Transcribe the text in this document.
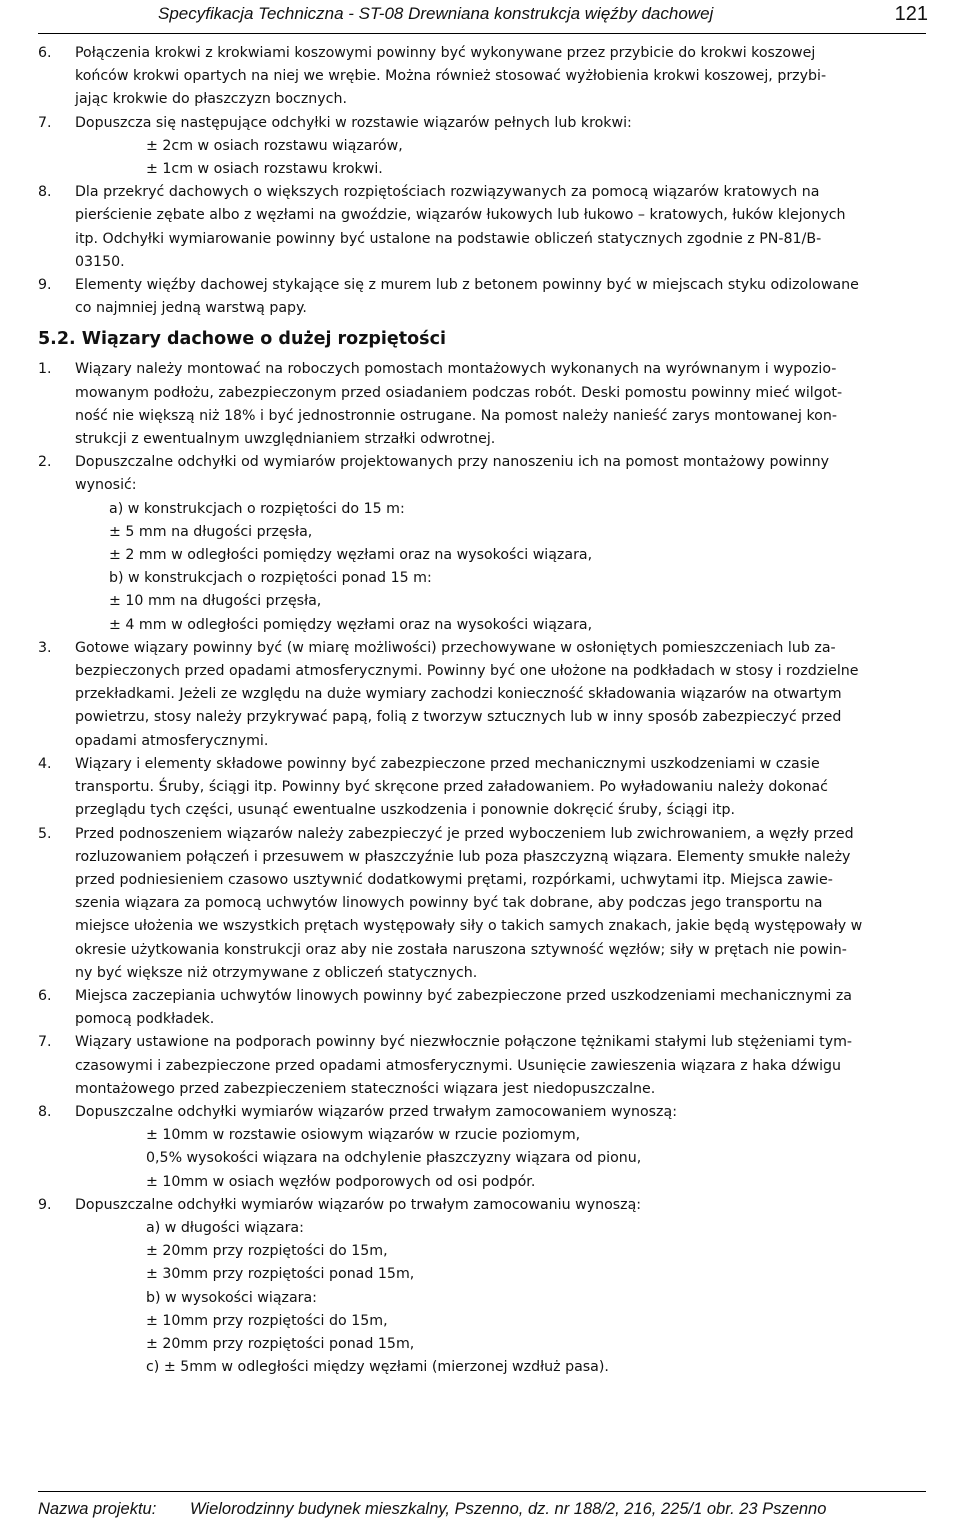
Specyfikacja Techniczna - ST-08 Drewniana konstrukcja więźby dachowej	121
6. Połączenia krokwi z krokwiami koszowymi powinny być wykonywane przez przybicie do krokwi koszowej
końców krokwi opartych na niej we wrębie. Można również stosować wyżłobienia krokwi koszowej, przybi-
jając krokwie do płaszczyzn bocznych.
7. Dopuszcza się następujące odchyłki w rozstawie wiązarów pełnych lub krokwi:
± 2cm w osiach rozstawu wiązarów,
± 1cm w osiach rozstawu krokwi.
8. Dla przekryć dachowych o większych rozpiętościach rozwiązywanych za pomocą wiązarów kratowych na
pierścienie zębate albo z węzłami na gwoździe, wiązarów łukowych lub łukowo – kratowych, łuków klejonych
itp. Odchyłki wymiarowanie powinny być ustalone na podstawie obliczeń statycznych zgodnie z PN-81/B-
03150.
9. Elementy więźby dachowej stykające się z murem lub z betonem powinny być w miejscach styku odizolowane
co najmniej jedną warstwą papy.
5.2. Wiązary dachowe o dużej rozpiętości
1. Wiązary należy montować na roboczych pomostach montażowych wykonanych na wyrównanym i wypozio-
mowanym podłożu, zabezpieczonym przed osiadaniem podczas robót. Deski pomostu powinny mieć wilgot-
ność nie większą niż 18% i być jednostronnie ostrugane. Na pomost należy nanieść zarys montowanej kon-
strukcji z ewentualnym uwzględnianiem strzałki odwrotnej.
2. Dopuszczalne odchyłki od wymiarów projektowanych przy nanoszeniu ich na pomost montażowy powinny
wynosić:
a) w konstrukcjach o rozpiętości do 15 m:
± 5 mm na długości przęsła,
± 2 mm w odległości pomiędzy węzłami oraz na wysokości wiązara,
b) w konstrukcjach o rozpiętości ponad 15 m:
± 10 mm na długości przęsła,
± 4 mm w odległości pomiędzy węzłami oraz na wysokości wiązara,
3. Gotowe wiązary powinny być (w miarę możliwości) przechowywane w osłoniętych pomieszczeniach lub za-
bezpieczonych przed opadami atmosferycznymi. Powinny być one ułożone na podkładach w stosy i rozdzielne
przekładkami. Jeżeli ze względu na duże wymiary zachodzi konieczność składowania wiązarów na otwartym
powietrzu, stosy należy przykrywać papą, folią z tworzyw sztucznych lub w inny sposób zabezpieczyć przed
opadami atmosferycznymi.
4. Wiązary i elementy składowe powinny być zabezpieczone przed mechanicznymi uszkodzeniami w czasie
transportu. Śruby, ściągi itp. Powinny być skręcone przed załadowaniem. Po wyładowaniu należy dokonać
przeglądu tych części, usunąć ewentualne uszkodzenia i ponownie dokręcić śruby, ściągi itp.
5. Przed podnoszeniem wiązarów należy zabezpieczyć je przed wyboczeniem lub zwichrowaniem, a węzły przed
rozluzowaniem połączeń i przesuwem w płaszczyźnie lub poza płaszczyzną wiązara. Elementy smukłe należy
przed podniesieniem czasowo usztywnić dodatkowymi prętami, rozpórkami, uchwytami itp. Miejsca zawie-
szenia wiązara za pomocą uchwytów linowych powinny być tak dobrane, aby podczas jego transportu na
miejsce ułożenia we wszystkich prętach występowały siły o takich samych znakach, jakie będą występowały w
okresie użytkowania konstrukcji oraz aby nie została naruszona sztywność węzłów; siły w prętach nie powin-
ny być większe niż otrzymywane z obliczeń statycznych.
6. Miejsca zaczepiania uchwytów linowych powinny być zabezpieczone przed uszkodzeniami mechanicznymi za
pomocą podkładek.
7. Wiązary ustawione na podporach powinny być niezwłocznie połączone tężnikami stałymi lub stężeniami tym-
czasowymi i zabezpieczone przed opadami atmosferycznymi. Usunięcie zawieszenia wiązara z haka dźwigu
montażowego przed zabezpieczeniem stateczności wiązara jest niedopuszczalne.
8. Dopuszczalne odchyłki wymiarów wiązarów przed trwałym zamocowaniem wynoszą:
± 10mm w rozstawie osiowym wiązarów w rzucie poziomym,
0,5% wysokości wiązara na odchylenie płaszczyzny wiązara od pionu,
± 10mm w osiach węzłów podporowych od osi podpór.
9. Dopuszczalne odchyłki wymiarów wiązarów po trwałym zamocowaniu wynoszą:
a) w długości wiązara:
± 20mm przy rozpiętości do 15m,
± 30mm przy rozpiętości ponad 15m,
b) w wysokości wiązara:
± 10mm przy rozpiętości do 15m,
± 20mm przy rozpiętości ponad 15m,
c) ± 5mm w odległości między węzłami (mierzonej wzdłuż pasa).
Nazwa projektu: Wielorodzinny budynek mieszkalny, Pszenno, dz. nr 188/2, 216, 225/1 obr. 23 Pszenno
